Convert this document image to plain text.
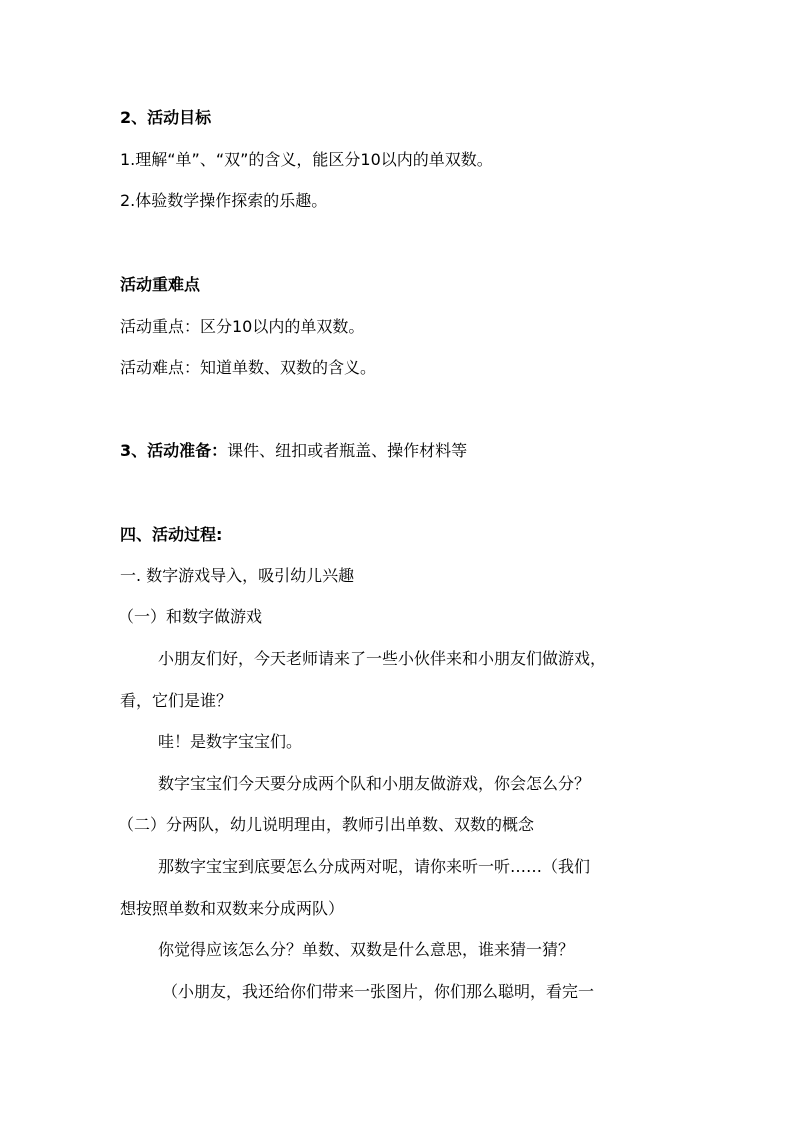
2、活动目标
1.理解“单”、“双”的含义，能区分10以内的单双数。
2.体验数学操作探索的乐趣。
活动重难点
活动重点：区分10以内的单双数。
活动难点：知道单数、双数的含义。
3、活动准备：课件、纽扣或者瓶盖、操作材料等
四、活动过程:
一. 数字游戏导入，吸引幼儿兴趣
（一）和数字做游戏
小朋友们好，今天老师请来了一些小伙伴来和小朋友们做游戏，
看，它们是谁？
哇！是数字宝宝们。
数字宝宝们今天要分成两个队和小朋友做游戏，你会怎么分？
（二）分两队，幼儿说明理由，教师引出单数、双数的概念
那数字宝宝到底要怎么分成两对呢，请你来听一听……（我们
想按照单数和双数来分成两队）
你觉得应该怎么分？单数、双数是什么意思，谁来猜一猜？
（小朋友，我还给你们带来一张图片，你们那么聪明，看完一
